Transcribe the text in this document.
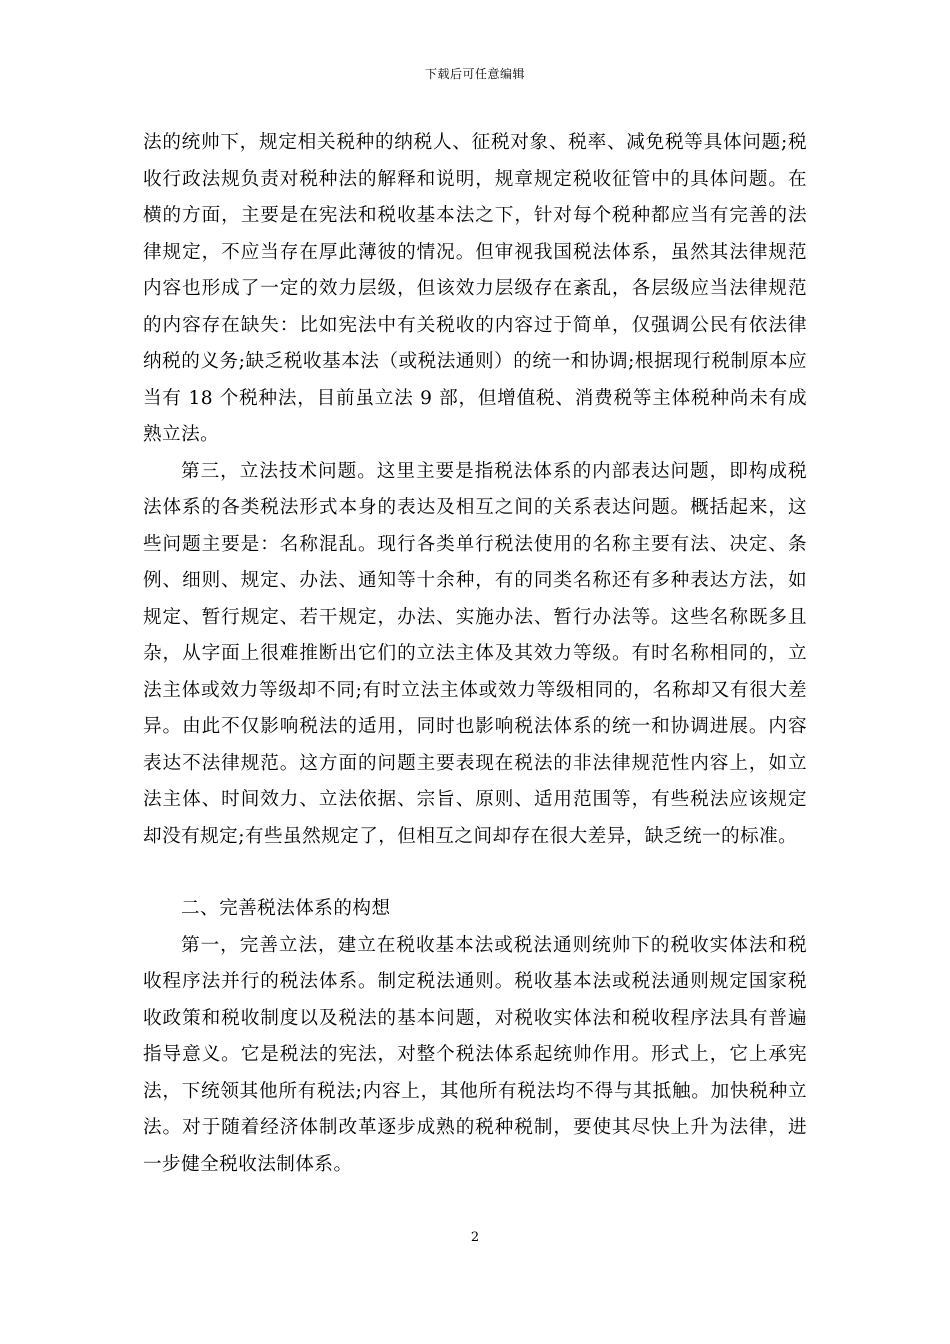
下载后可任意编辑

法的统帅下，规定相关税种的纳税人、征税对象、税率、减免税等具体问题;税收行政法规负责对税种法的解释和说明，规章规定税收征管中的具体问题。在横的方面，主要是在宪法和税收基本法之下，针对每个税种都应当有完善的法律规定，不应当存在厚此薄彼的情况。但审视我国税法体系，虽然其法律规范内容也形成了一定的效力层级，但该效力层级存在紊乱，各层级应当法律规范的内容存在缺失：比如宪法中有关税收的内容过于简单，仅强调公民有依法律纳税的义务;缺乏税收基本法（或税法通则）的统一和协调;根据现行税制原本应当有 18 个税种法，目前虽立法 9 部，但增值税、消费税等主体税种尚未有成熟立法。

第三，立法技术问题。这里主要是指税法体系的内部表达问题，即构成税法体系的各类税法形式本身的表达及相互之间的关系表达问题。概括起来，这些问题主要是：名称混乱。现行各类单行税法使用的名称主要有法、决定、条例、细则、规定、办法、通知等十余种，有的同类名称还有多种表达方法，如规定、暂行规定、若干规定，办法、实施办法、暂行办法等。这些名称既多且杂，从字面上很难推断出它们的立法主体及其效力等级。有时名称相同的，立法主体或效力等级却不同;有时立法主体或效力等级相同的，名称却又有很大差异。由此不仅影响税法的适用，同时也影响税法体系的统一和协调进展。内容表达不法律规范。这方面的问题主要表现在税法的非法律规范性内容上，如立法主体、时间效力、立法依据、宗旨、原则、适用范围等，有些税法应该规定却没有规定;有些虽然规定了，但相互之间却存在很大差异，缺乏统一的标准。

二、完善税法体系的构想

第一，完善立法，建立在税收基本法或税法通则统帅下的税收实体法和税收程序法并行的税法体系。制定税法通则。税收基本法或税法通则规定国家税收政策和税收制度以及税法的基本问题，对税收实体法和税收程序法具有普遍指导意义。它是税法的宪法，对整个税法体系起统帅作用。形式上，它上承宪法，下统领其他所有税法;内容上，其他所有税法均不得与其抵触。加快税种立法。对于随着经济体制改革逐步成熟的税种税制，要使其尽快上升为法律，进一步健全税收法制体系。

2
